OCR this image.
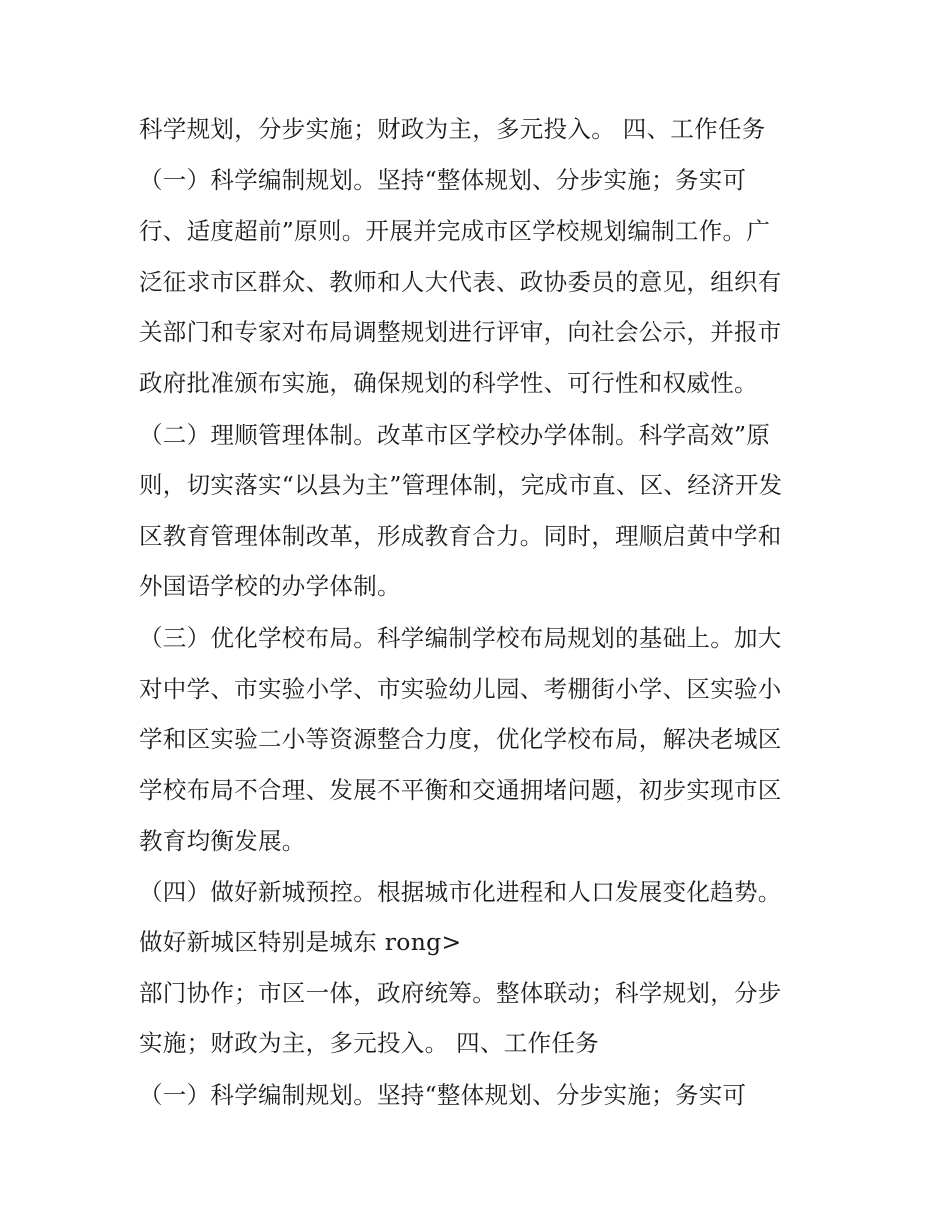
科学规划，分步实施；财政为主，多元投入。 四、工作任务
（一）科学编制规划。坚持“整体规划、分步实施；务实可
行、适度超前”原则。开展并完成市区学校规划编制工作。广
泛征求市区群众、教师和人大代表、政协委员的意见，组织有
关部门和专家对布局调整规划进行评审，向社会公示，并报市
政府批准颁布实施，确保规划的科学性、可行性和权威性。
（二）理顺管理体制。改革市区学校办学体制。科学高效”原
则，切实落实“以县为主”管理体制，完成市直、区、经济开发
区教育管理体制改革，形成教育合力。同时，理顺启黄中学和
外国语学校的办学体制。
（三）优化学校布局。科学编制学校布局规划的基础上。加大
对中学、市实验小学、市实验幼儿园、考棚街小学、区实验小
学和区实验二小等资源整合力度，优化学校布局，解决老城区
学校布局不合理、发展不平衡和交通拥堵问题，初步实现市区
教育均衡发展。
（四）做好新城预控。根据城市化进程和人口发展变化趋势。
做好新城区特别是城东 rong>
部门协作；市区一体，政府统筹。整体联动；科学规划，分步
实施；财政为主，多元投入。 四、工作任务
（一）科学编制规划。坚持“整体规划、分步实施；务实可
